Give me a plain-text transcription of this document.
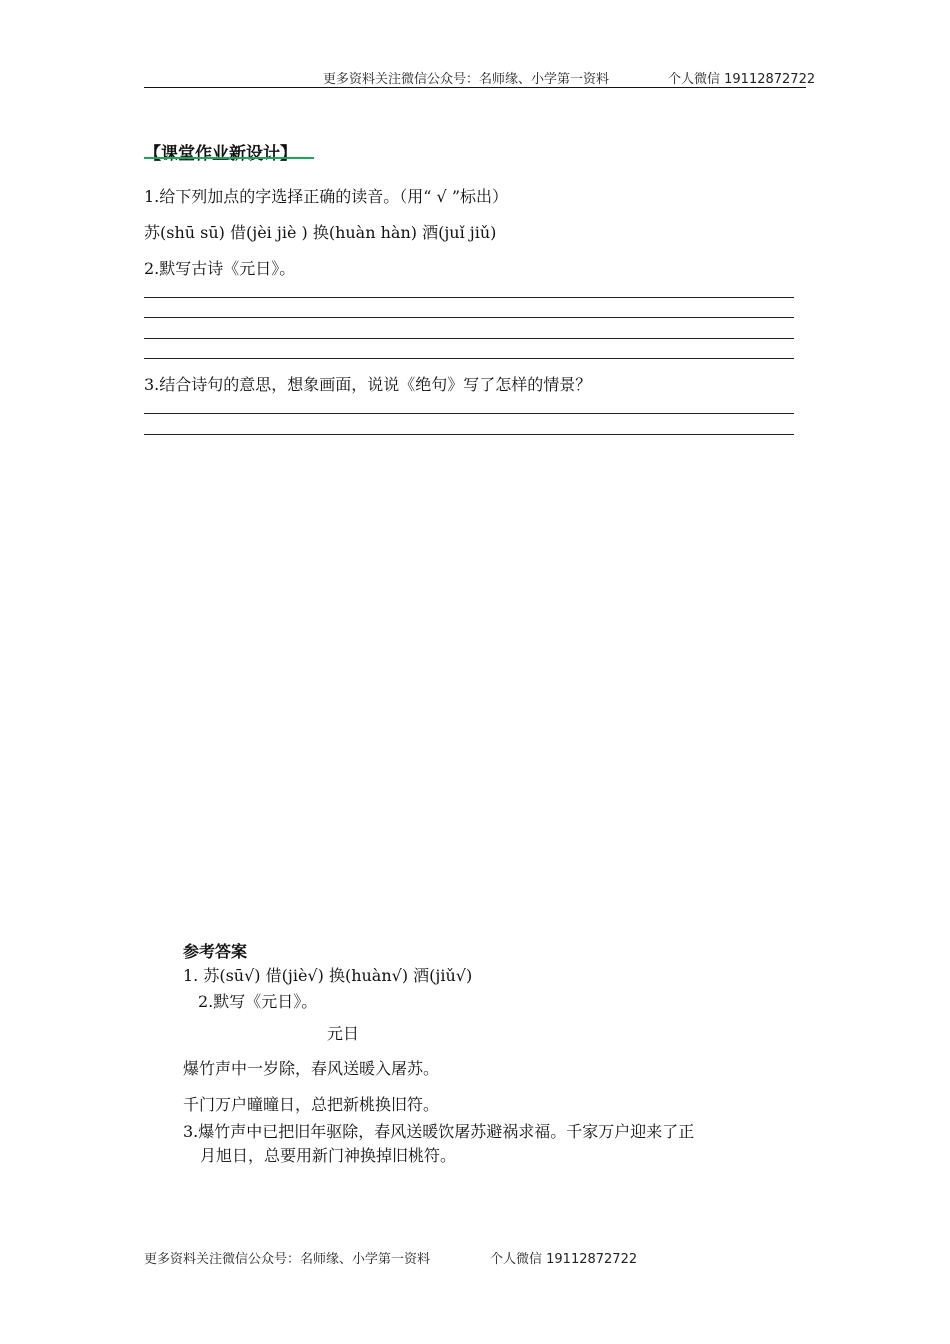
更多资料关注微信公众号：名师缘、小学第一资料	个人微信 19112872722
【课堂作业新设计】
1.给下列加点的字选择正确的读音。（用“ √ ”标出）
苏(shū sū) 借(jèi jiè ) 换(huàn hàn) 酒(juǐ jiǔ)
2.默写古诗《元日》。
3.结合诗句的意思，想象画面，说说《绝句》写了怎样的情景？
参考答案
1. 苏(sū√) 借(jiè√) 换(huàn√) 酒(jiǔ√)
2.默写《元日》。
元日
爆竹声中一岁除，春风送暖入屠苏。
千门万户曈曈日，总把新桃换旧符。
3.爆竹声中已把旧年驱除，春风送暖饮屠苏避祸求福。千家万户迎来了正
月旭日，总要用新门神换掉旧桃符。
更多资料关注微信公众号：名师缘、小学第一资料	个人微信 19112872722
